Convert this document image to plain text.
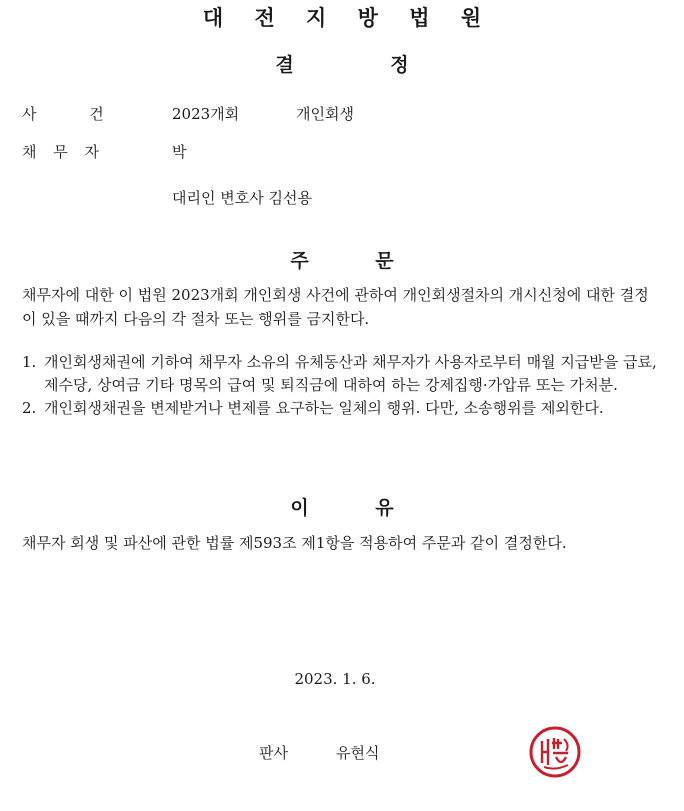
대 전 지 방 법 원
결 정
사 건	2023개회	개인회생
채 무 자	박
대리인 변호사 김선용
주 문
채무자에 대한 이 법원 2023개회 개인회생 사건에 관하여 개인회생절차의 개시신청에 대한 결정이 있을 때까지 다음의 각 절차 또는 행위를 금지한다.
1. 개인회생채권에 기하여 채무자 소유의 유체동산과 채무자가 사용자로부터 매월 지급받을 급료, 제수당, 상여금 기타 명목의 급여 및 퇴직금에 대하여 하는 강제집행·가압류 또는 가처분.
2. 개인회생채권을 변제받거나 변제를 요구하는 일체의 행위. 다만, 소송행위를 제외한다.
이 유
채무자 회생 및 파산에 관한 법률 제593조 제1항을 적용하여 주문과 같이 결정한다.
2023. 1. 6.
판사	유현식
